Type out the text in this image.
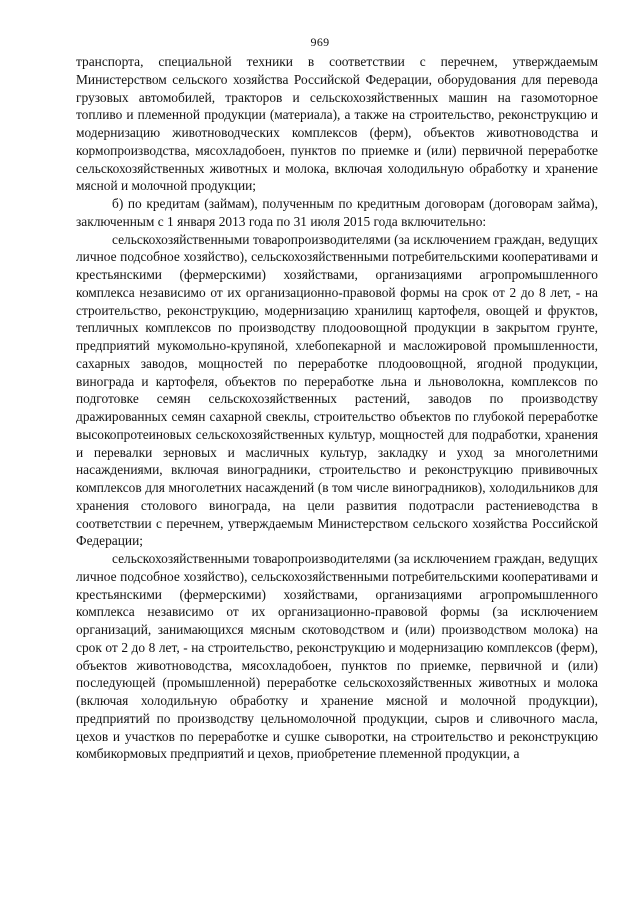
969

транспорта, специальной техники в соответствии с перечнем, утверждаемым Министерством сельского хозяйства Российской Федерации, оборудования для перевода грузовых автомобилей, тракторов и сельскохозяйственных машин на газомоторное топливо и племенной продукции (материала), а также на строительство, реконструкцию и модернизацию животноводческих комплексов (ферм), объектов животноводства и кормопроизводства, мясохладобоен, пунктов по приемке и (или) первичной переработке сельскохозяйственных животных и молока, включая холодильную обработку и хранение мясной и молочной продукции;

б) по кредитам (займам), полученным по кредитным договорам (договорам займа), заключенным с 1 января 2013 года по 31 июля 2015 года включительно:

сельскохозяйственными товаропроизводителями (за исключением граждан, ведущих личное подсобное хозяйство), сельскохозяйственными потребительскими кооперативами и крестьянскими (фермерскими) хозяйствами, организациями агропромышленного комплекса независимо от их организационно-правовой формы на срок от 2 до 8 лет, - на строительство, реконструкцию, модернизацию хранилищ картофеля, овощей и фруктов, тепличных комплексов по производству плодоовощной продукции в закрытом грунте, предприятий мукомольно-крупяной, хлебопекарной и масложировой промышленности, сахарных заводов, мощностей по переработке плодоовощной, ягодной продукции, винограда и картофеля, объектов по переработке льна и льноволокна, комплексов по подготовке семян сельскохозяйственных растений, заводов по производству дражированных семян сахарной свеклы, строительство объектов по глубокой переработке высокопротеиновых сельскохозяйственных культур, мощностей для подработки, хранения и перевалки зерновых и масличных культур, закладку и уход за многолетними насаждениями, включая виноградники, строительство и реконструкцию прививочных комплексов для многолетних насаждений (в том числе виноградников), холодильников для хранения столового винограда, на цели развития подотрасли растениеводства в соответствии с перечнем, утверждаемым Министерством сельского хозяйства Российской Федерации;

сельскохозяйственными товаропроизводителями (за исключением граждан, ведущих личное подсобное хозяйство), сельскохозяйственными потребительскими кооперативами и крестьянскими (фермерскими) хозяйствами, организациями агропромышленного комплекса независимо от их организационно-правовой формы (за исключением организаций, занимающихся мясным скотоводством и (или) производством молока) на срок от 2 до 8 лет, - на строительство, реконструкцию и модернизацию комплексов (ферм), объектов животноводства, мясохладобоен, пунктов по приемке, первичной и (или) последующей (промышленной) переработке сельскохозяйственных животных и молока (включая холодильную обработку и хранение мясной и молочной продукции), предприятий по производству цельномолочной продукции, сыров и сливочного масла, цехов и участков по переработке и сушке сыворотки, на строительство и реконструкцию комбикормовых предприятий и цехов, приобретение племенной продукции, а
